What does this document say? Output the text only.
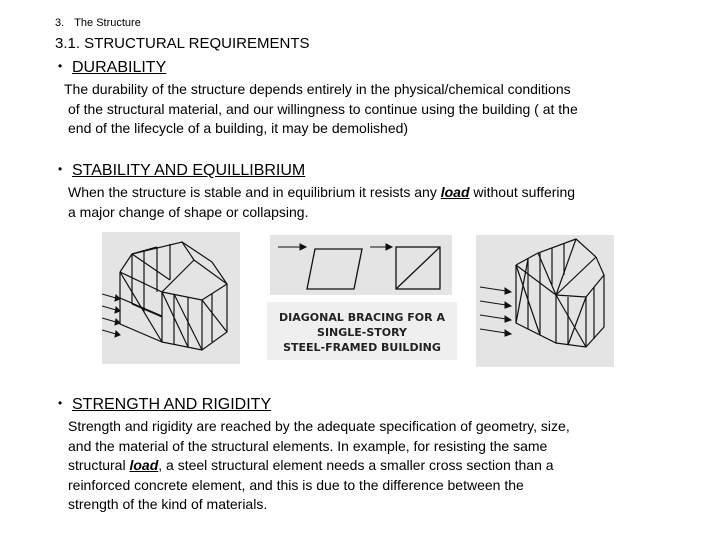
3. The Structure
3.1. STRUCTURAL REQUIREMENTS
• DURABILITY

The durability of the structure depends entirely in the physical/chemical conditions

of the structural material, and our willingness to continue using the building ( at the

end of the lifecycle of a building, it may be demolished)

• STABILITY AND EQUILLIBRIUM

When the structure is stable and in equilibrium it resists any load without suffering

a major change of shape or collapsing.

DIAGONAL BRACING FOR A
SINGLE-STORY
STEEL-FRAMED BUILDING
• STRENGTH AND RIGIDITY

Strength and rigidity are reached by the adequate specification of geometry, size,

and the material of the structural elements. In example, for resisting the same

structural load, a steel structural element needs a smaller cross section than a

reinforced concrete element, and this is due to the difference between the

strength of the kind of materials.
